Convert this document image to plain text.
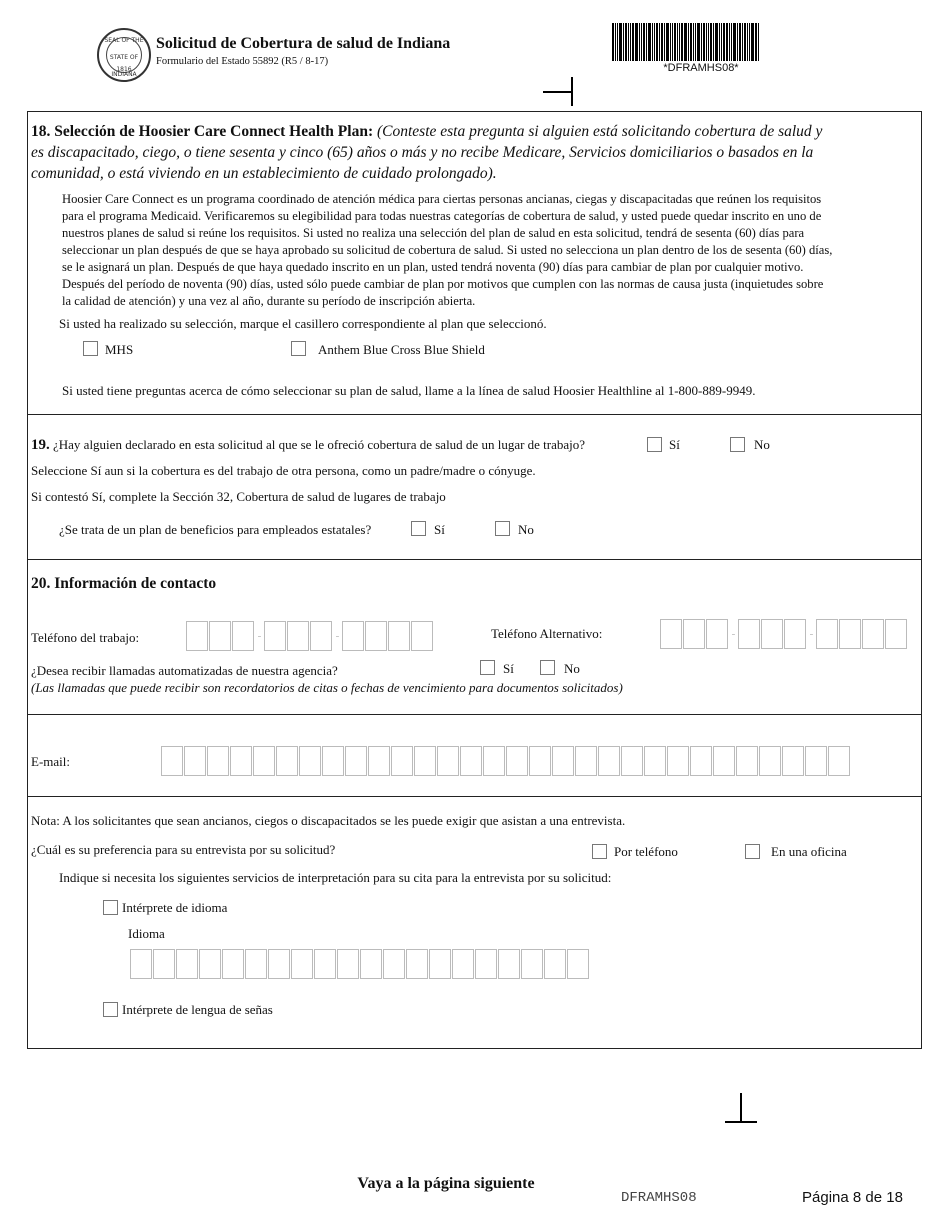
SEAL OF THE STATE OF INDIANA
1816
Solicitud de Cobertura de salud de Indiana
Formulario del Estado 55892 (R5 / 8-17)
*DFRAMHS08*
18. Selección de Hoosier Care Connect Health Plan: (Conteste esta pregunta si alguien está solicitando cobertura de salud y
es discapacitado, ciego, o tiene sesenta y cinco (65) años o más y no recibe Medicare, Servicios domiciliarios o basados en la
comunidad, o está viviendo en un establecimiento de cuidado prolongado).
Hoosier Care Connect es un programa coordinado de atención médica para ciertas personas ancianas, ciegas y discapacitadas que reúnen los requisitos
para el programa Medicaid. Verificaremos su elegibilidad para todas nuestras categorías de cobertura de salud, y usted puede quedar inscrito en uno de
nuestros planes de salud si reúne los requisitos. Si usted no realiza una selección del plan de salud en esta solicitud, tendrá de sesenta (60) días para
seleccionar un plan después de que se haya aprobado su solicitud de cobertura de salud. Si usted no selecciona un plan dentro de los de sesenta (60) días,
se le asignará un plan. Después de que haya quedado inscrito en un plan, usted tendrá noventa (90) días para cambiar de plan por cualquier motivo.
Después del período de noventa (90) días, usted sólo puede cambiar de plan por motivos que cumplen con las normas de causa justa (inquietudes sobre
la calidad de atención) y una vez al año, durante su período de inscripción abierta.
Si usted ha realizado su selección, marque el casillero correspondiente al plan que seleccionó.
MHS	Anthem Blue Cross Blue Shield
Si usted tiene preguntas acerca de cómo seleccionar su plan de salud, llame a la línea de salud Hoosier Healthline al 1-800-889-9949.
19. ¿Hay alguien declarado en esta solicitud al que se le ofreció cobertura de salud de un lugar de trabajo?	Sí	No
Seleccione Sí aun si la cobertura es del trabajo de otra persona, como un padre/madre o cónyuge.
Si contestó Sí, complete la Sección 32, Cobertura de salud de lugares de trabajo
¿Se trata de un plan de beneficios para empleados estatales?	Sí	No
20. Información de contacto
Teléfono del trabajo:	-	-	Teléfono Alternativo:	-	-
¿Desea recibir llamadas automatizadas de nuestra agencia?	Sí	No
(Las llamadas que puede recibir son recordatorios de citas o fechas de vencimiento para documentos solicitados)
E-mail:
Nota: A los solicitantes que sean ancianos, ciegos o discapacitados se les puede exigir que asistan a una entrevista.
¿Cuál es su preferencia para su entrevista por su solicitud?	Por teléfono	En una oficina
Indique si necesita los siguientes servicios de interpretación para su cita para la entrevista por su solicitud:
Intérprete de idioma
Idioma
Intérprete de lengua de señas
Vaya a la página siguiente
DFRAMHS08	Página 8 de 18
